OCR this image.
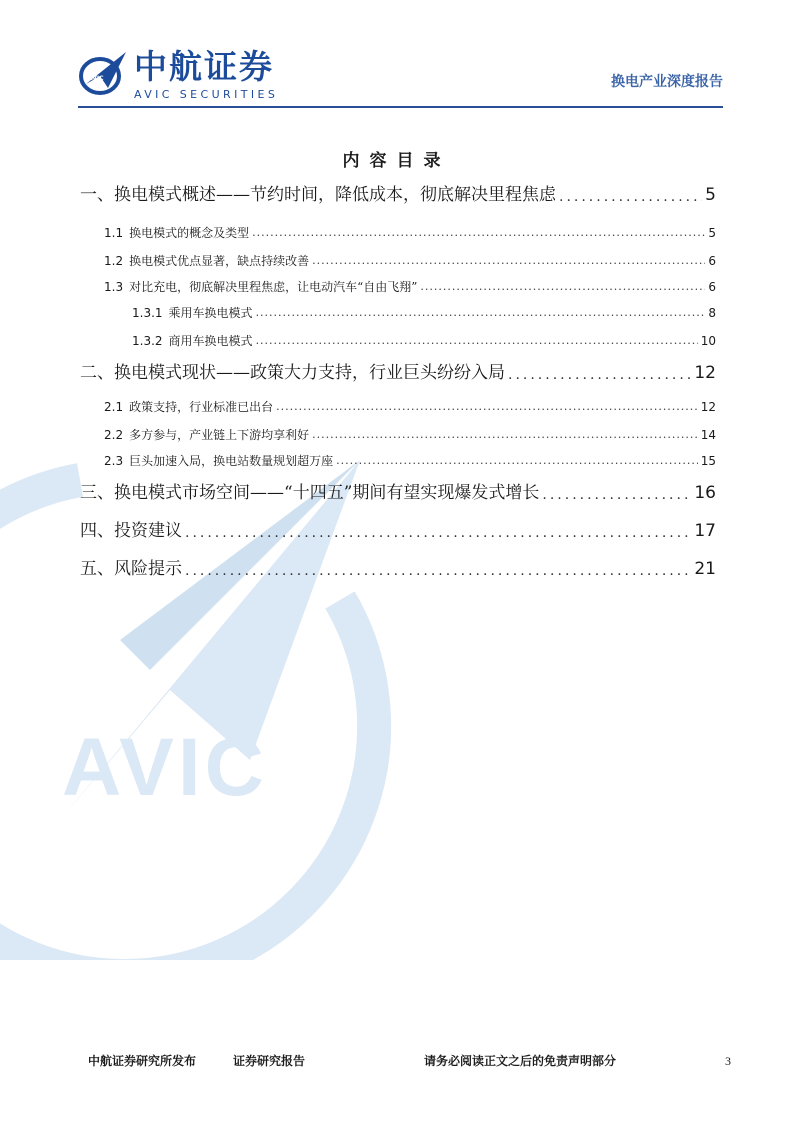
AVIC
AVIC 中航证券
AVIC SECURITIES
换电产业深度报告
内容目录
一、换电模式概述——节约时间，降低成本，彻底解决里程焦虑 .....	5
1.1 换电模式的概念及类型 .....	5
1.2 换电模式优点显著，缺点持续改善 .....	6
1.3 对比充电，彻底解决里程焦虑，让电动汽车“自由飞翔” .....	6
1.3.1 乘用车换电模式 .....	8
1.3.2 商用车换电模式 .....	10
二、换电模式现状——政策大力支持，行业巨头纷纷入局 .....	12
2.1 政策支持，行业标准已出台 .....	12
2.2 多方参与，产业链上下游均享利好 .....	14
2.3 巨头加速入局，换电站数量规划超万座 .....	15
三、换电模式市场空间——“十四五”期间有望实现爆发式增长 .....	16
四、投资建议 .....	17
五、风险提示 .....	21
中航证券研究所发布	证券研究报告	请务必阅读正文之后的免责声明部分	3
